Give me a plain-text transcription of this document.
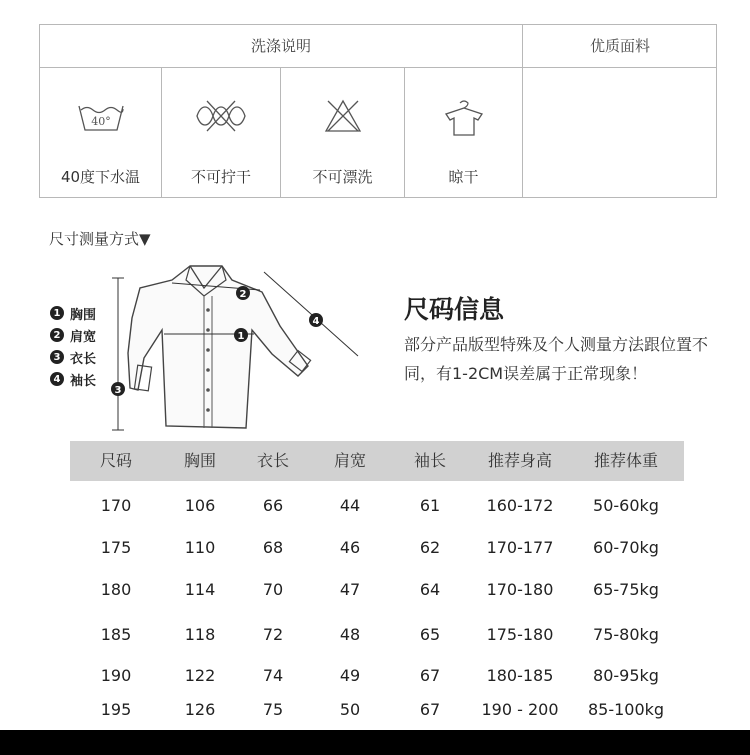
洗涤说明	优质面料
40°
40度下水温	不可拧干	不可漂洗	晾干
尺寸测量方式▼
2
1
3
4
1 胸围
2 肩宽
3 衣长
4 袖长
尺码信息
部分产品版型特殊及个人测量方法跟位置不同，有1-2CM误差属于正常现象！
尺码	胸围	衣长	肩宽	袖长	推荐身高	推荐体重
170	106	66	44	61	160-172	50-60kg
175	110	68	46	62	170-177	60-70kg
180	114	70	47	64	170-180	65-75kg
185	118	72	48	65	175-180	75-80kg
190	122	74	49	67	180-185	80-95kg
195	126	75	50	67	190 - 200	85-100kg
